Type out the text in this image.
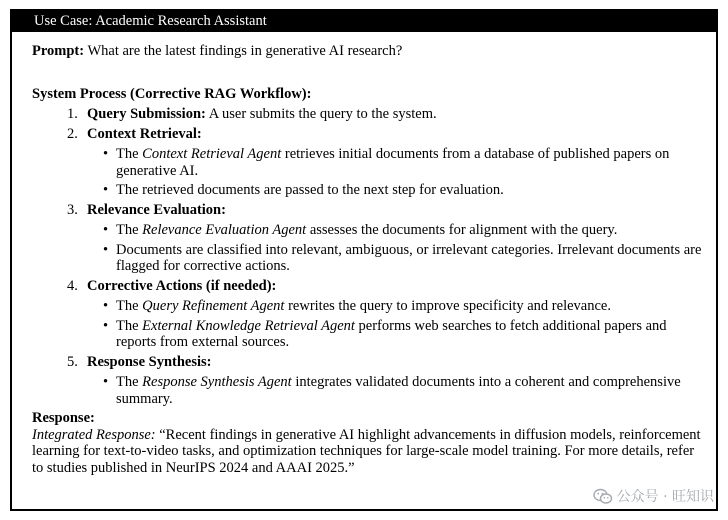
Use Case: Academic Research Assistant

Prompt: What are the latest findings in generative AI research?

System Process (Corrective RAG Workflow):
1. Query Submission: A user submits the query to the system.
2. Context Retrieval:
• The Context Retrieval Agent retrieves initial documents from a database of published papers on generative AI.
• The retrieved documents are passed to the next step for evaluation.
3. Relevance Evaluation:
• The Relevance Evaluation Agent assesses the documents for alignment with the query.
• Documents are classified into relevant, ambiguous, or irrelevant categories. Irrelevant documents are flagged for corrective actions.
4. Corrective Actions (if needed):
• The Query Refinement Agent rewrites the query to improve specificity and relevance.
• The External Knowledge Retrieval Agent performs web searches to fetch additional papers and reports from external sources.
5. Response Synthesis:
• The Response Synthesis Agent integrates validated documents into a coherent and comprehensive summary.
Response:
Integrated Response: “Recent findings in generative AI highlight advancements in diffusion models, reinforcement learning for text-to-video tasks, and optimization techniques for large-scale model training. For more details, refer to studies published in NeurIPS 2024 and AAAI 2025.”
公众号 · 旺知识
